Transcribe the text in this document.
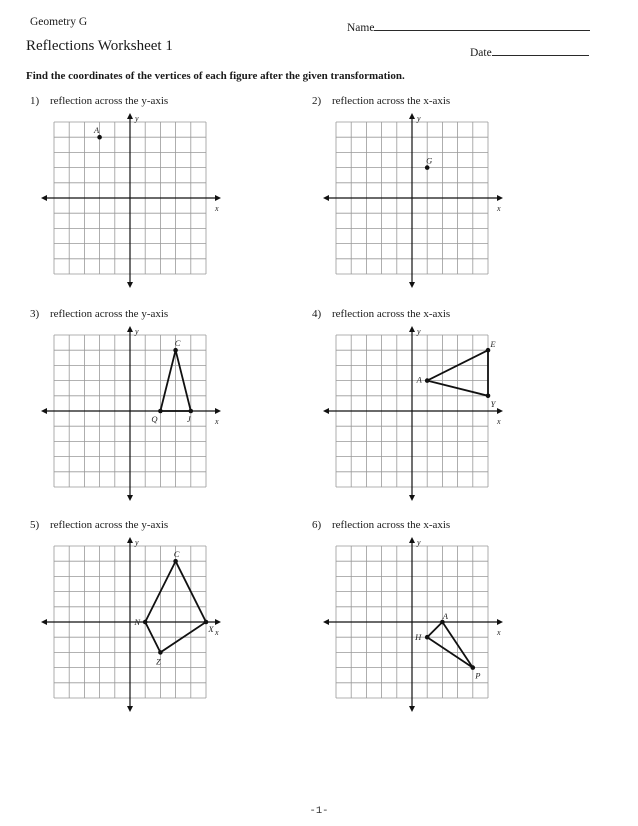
Geometry G	Name
Reflections Worksheet 1	Date
Find the coordinates of the vertices of each figure after the given transformation.
1) reflection across the y-axis
y
x
A
2) reflection across the x-axis
y
x
G
3) reflection across the y-axis
y
x
C
Q	J
4) reflection across the x-axis
y
x
E
A
Y
5) reflection across the y-axis
y
x
C
X
Z
N
6) reflection across the x-axis
y
x
A
P
H
-1-
